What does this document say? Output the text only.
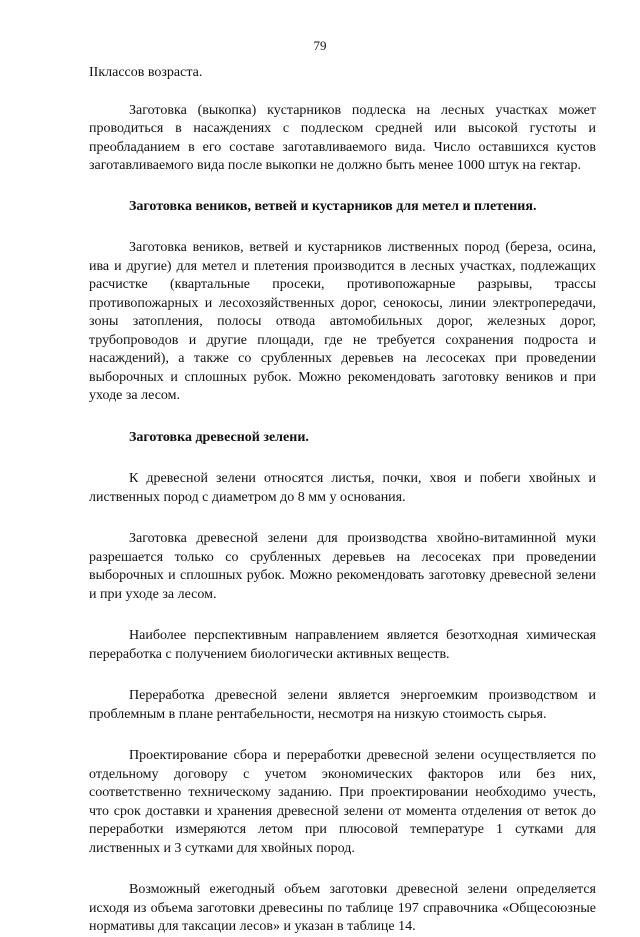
79

IIклассов возраста.

Заготовка (выкопка) кустарников подлеска на лесных участках может проводиться в насаждениях с подлеском средней или высокой густоты и преобладанием в его составе заготавливаемого вида. Число оставшихся кустов заготавливаемого вида после выкопки не должно быть менее 1000 штук на гектар.

Заготовка веников, ветвей и кустарников для метел и плетения.

Заготовка веников, ветвей и кустарников лиственных пород (береза, осина, ива и другие) для метел и плетения производится в лесных участках, подлежащих расчистке (квартальные просеки, противопожарные разрывы, трассы противопожарных и лесохозяйственных дорог, сенокосы, линии электропередачи, зоны затопления, полосы отвода автомобильных дорог, железных дорог, трубопроводов и другие площади, где не требуется сохранения подроста и насаждений), а также со срубленных деревьев на лесосеках при проведении выборочных и сплошных рубок. Можно рекомендовать заготовку веников и при уходе за лесом.

Заготовка древесной зелени.

К древесной зелени относятся листья, почки, хвоя и побеги хвойных и лиственных пород с диаметром до 8 мм у основания.

Заготовка древесной зелени для производства хвойно-витаминной муки разрешается только со срубленных деревьев на лесосеках при проведении выборочных и сплошных рубок. Можно рекомендовать заготовку древесной зелени и при уходе за лесом.

Наиболее перспективным направлением является безотходная химическая переработка с получением биологически активных веществ.

Переработка древесной зелени является энергоемким производством и проблемным в плане рентабельности, несмотря на низкую стоимость сырья.

Проектирование сбора и переработки древесной зелени осуществляется по отдельному договору с учетом экономических факторов или без них, соответственно техническому заданию. При проектировании необходимо учесть, что срок доставки и хранения древесной зелени от момента отделения от веток до переработки измеряются летом при плюсовой температуре 1 сутками для лиственных и 3 сутками для хвойных пород.

Возможный ежегодный объем заготовки древесной зелени определяется исходя из объема заготовки древесины по таблице 197 справочника «Общесоюзные нормативы для таксации лесов» и указан в таблице 14.
